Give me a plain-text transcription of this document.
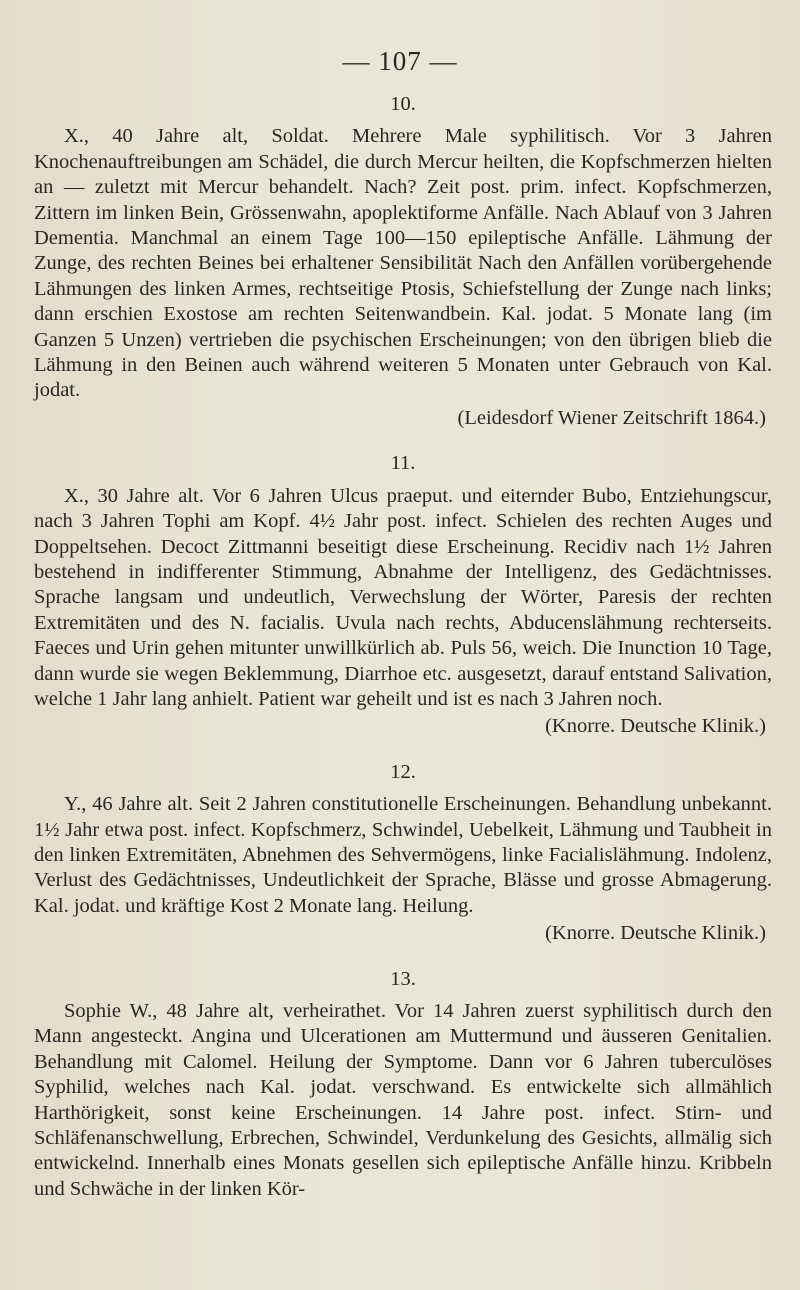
— 107 —
10.

X., 40 Jahre alt, Soldat. Mehrere Male syphilitisch. Vor 3 Jahren Knochenauftreibungen am Schädel, die durch Mercur heilten, die Kopfschmerzen hielten an — zuletzt mit Mercur behandelt. Nach? Zeit post. prim. infect. Kopfschmerzen, Zittern im linken Bein, Grössenwahn, apoplektiforme Anfälle. Nach Ablauf von 3 Jahren Dementia. Manchmal an einem Tage 100—150 epileptische Anfälle. Lähmung der Zunge, des rechten Beines bei erhaltener Sensibilität Nach den Anfällen vorübergehende Lähmungen des linken Armes, rechtseitige Ptosis, Schiefstellung der Zunge nach links; dann erschien Exostose am rechten Seitenwandbein. Kal. jodat. 5 Monate lang (im Ganzen 5 Unzen) vertrieben die psychischen Erscheinungen; von den übrigen blieb die Lähmung in den Beinen auch während weiteren 5 Monaten unter Gebrauch von Kal. jodat.

(Leidesdorf Wiener Zeitschrift 1864.)
11.

X., 30 Jahre alt. Vor 6 Jahren Ulcus praeput. und eiternder Bubo, Entziehungscur, nach 3 Jahren Tophi am Kopf. 4½ Jahr post. infect. Schielen des rechten Auges und Doppeltsehen. Decoct Zittmanni beseitigt diese Erscheinung. Recidiv nach 1½ Jahren bestehend in indifferenter Stimmung, Abnahme der Intelligenz, des Gedächtnisses. Sprache langsam und undeutlich, Verwechslung der Wörter, Paresis der rechten Extremitäten und des N. facialis. Uvula nach rechts, Abducenslähmung rechterseits. Faeces und Urin gehen mitunter unwillkürlich ab. Puls 56, weich. Die Inunction 10 Tage, dann wurde sie wegen Beklemmung, Diarrhoe etc. ausgesetzt, darauf entstand Salivation, welche 1 Jahr lang anhielt. Patient war geheilt und ist es nach 3 Jahren noch.

(Knorre. Deutsche Klinik.)
12.

Y., 46 Jahre alt. Seit 2 Jahren constitutionelle Erscheinungen. Behandlung unbekannt. 1½ Jahr etwa post. infect. Kopfschmerz, Schwindel, Uebelkeit, Lähmung und Taubheit in den linken Extremitäten, Abnehmen des Sehvermögens, linke Facialislähmung. Indolenz, Verlust des Gedächtnisses, Undeutlichkeit der Sprache, Blässe und grosse Abmagerung. Kal. jodat. und kräftige Kost 2 Monate lang. Heilung.

(Knorre. Deutsche Klinik.)
13.

Sophie W., 48 Jahre alt, verheirathet. Vor 14 Jahren zuerst syphilitisch durch den Mann angesteckt. Angina und Ulcerationen am Muttermund und äusseren Genitalien. Behandlung mit Calomel. Heilung der Symptome. Dann vor 6 Jahren tuberculöses Syphilid, welches nach Kal. jodat. verschwand. Es entwickelte sich allmählich Harthörigkeit, sonst keine Erscheinungen. 14 Jahre post. infect. Stirn- und Schläfenanschwellung, Erbrechen, Schwindel, Verdunkelung des Gesichts, allmälig sich entwickelnd. Innerhalb eines Monats gesellen sich epileptische Anfälle hinzu. Kribbeln und Schwäche in der linken Kör-
